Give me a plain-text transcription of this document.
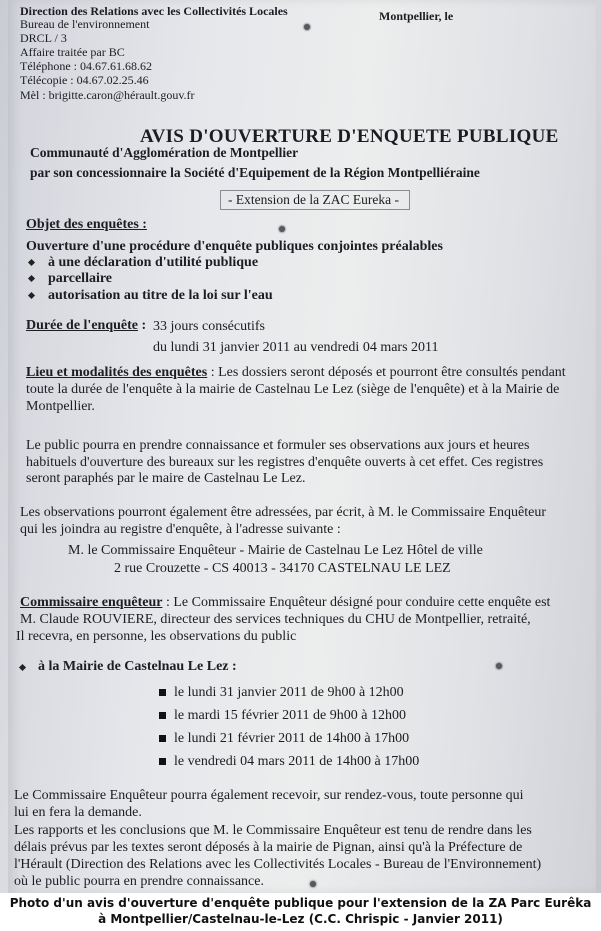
Direction des Relations avec les Collectivités Locales
Bureau de l'environnement
DRCL / 3
Affaire traitée par BC
Téléphone : 04.67.61.68.62
Télécopie : 04.67.02.25.46
Mèl : brigitte.caron@hérault.gouv.fr
Montpellier, le
AVIS D'OUVERTURE D'ENQUETE PUBLIQUE
Communauté d'Agglomération de Montpellier
par son concessionnaire la Société d'Equipement de la Région Montpelliéraine
- Extension de la ZAC Eureka -
Objet des enquêtes :
Ouverture d'une procédure d'enquête publiques conjointes préalables
à une déclaration d'utilité publique
parcellaire
autorisation au titre de la loi sur l'eau
Durée de l'enquête : 33 jours consécutifs
du lundi 31 janvier 2011 au vendredi 04 mars 2011
Lieu et modalités des enquêtes : Les dossiers seront déposés et pourront être consultés pendant
toute la durée de l'enquête à la mairie de Castelnau Le Lez (siège de l'enquête) et à la Mairie de
Montpellier.
Le public pourra en prendre connaissance et formuler ses observations aux jours et heures
habituels d'ouverture des bureaux sur les registres d'enquête ouverts à cet effet. Ces registres
seront paraphés par le maire de Castelnau Le Lez.
Les observations pourront également être adressées, par écrit, à M. le Commissaire Enquêteur
qui les joindra au registre d'enquête, à l'adresse suivante :
M. le Commissaire Enquêteur - Mairie de Castelnau Le Lez Hôtel de ville
2 rue Crouzette - CS 40013 - 34170 CASTELNAU LE LEZ
Commissaire enquêteur : Le Commissaire Enquêteur désigné pour conduire cette enquête est
M. Claude ROUVIERE, directeur des services techniques du CHU de Montpellier, retraité,
Il recevra, en personne, les observations du public
à la Mairie de Castelnau Le Lez :
le lundi 31 janvier 2011 de 9h00 à 12h00
le mardi 15 février 2011 de 9h00 à 12h00
le lundi 21 février 2011 de 14h00 à 17h00
le vendredi 04 mars 2011 de 14h00 à 17h00
Le Commissaire Enquêteur pourra également recevoir, sur rendez-vous, toute personne qui
lui en fera la demande.
Les rapports et les conclusions que M. le Commissaire Enquêteur est tenu de rendre dans les
délais prévus par les textes seront déposés à la mairie de Pignan, ainsi qu'à la Préfecture de
l'Hérault (Direction des Relations avec les Collectivités Locales - Bureau de l'Environnement)
où le public pourra en prendre connaissance.
Photo d'un avis d'ouverture d'enquête publique pour l'extension de la ZA Parc Eurêka
à Montpellier/Castelnau-le-Lez (C.C. Chrispic - Janvier 2011)
